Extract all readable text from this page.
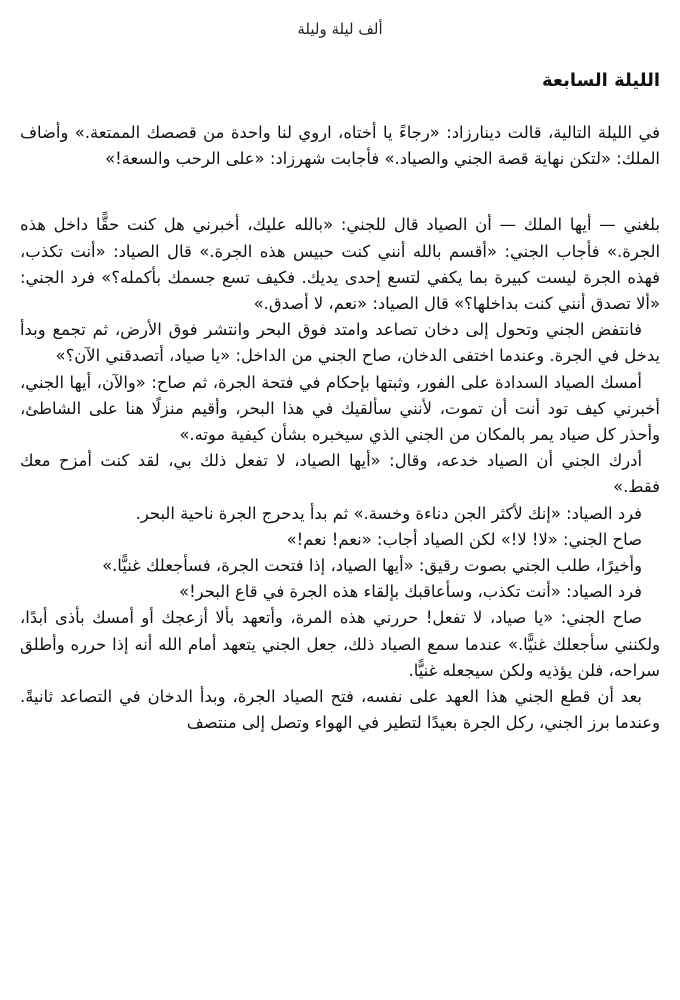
ألف ليلة وليلة
الليلة السابعة

في الليلة التالية، قالت دينارزاد: «رجاءً يا أختاه، اروي لنا واحدة من قصصك الممتعة.» وأضاف الملك: «لتكن نهاية قصة الجني والصياد.» فأجابت شهرزاد: «على الرحب والسعة!»

بلغني — أيها الملك — أن الصياد قال للجني: «بالله عليك، أخبرني هل كنت حقًّا داخل هذه الجرة.» فأجاب الجني: «أقسم بالله أنني كنت حبيس هذه الجرة.» قال الصياد: «أنت تكذب، فهذه الجرة ليست كبيرة بما يكفي لتسع إحدى يديك. فكيف تسع جسمك بأكمله؟» فرد الجني: «ألا تصدق أنني كنت بداخلها؟» قال الصياد: «نعم، لا أصدق.»

فانتفض الجني وتحول إلى دخان تصاعد وامتد فوق البحر وانتشر فوق الأرض، ثم تجمع وبدأ يدخل في الجرة. وعندما اختفى الدخان، صاح الجني من الداخل: «يا صياد، أتصدقني الآن؟»

أمسك الصياد السدادة على الفور، وثبتها بإحكام في فتحة الجرة، ثم صاح: «والآن، أيها الجني، أخبرني كيف تود أنت أن تموت، لأنني سألقيك في هذا البحر، وأقيم منزلًا هنا على الشاطئ، وأحذر كل صياد يمر بالمكان من الجني الذي سيخبره بشأن كيفية موته.»

أدرك الجني أن الصياد خدعه، وقال: «أيها الصياد، لا تفعل ذلك بي، لقد كنت أمزح معك فقط.»

فرد الصياد: «إنك لأكثر الجن دناءة وخسة.» ثم بدأ يدحرج الجرة ناحية البحر.

صاح الجني: «لا! لا!» لكن الصياد أجاب: «نعم! نعم!»

وأخيرًا، طلب الجني بصوت رقيق: «أيها الصياد، إذا فتحت الجرة، فسأجعلك غنيًّا.»

فرد الصياد: «أنت تكذب، وسأعاقبك بإلقاء هذه الجرة في قاع البحر!»

صاح الجني: «يا صياد، لا تفعل! حررني هذه المرة، وأتعهد بألا أزعجك أو أمسك بأذى أبدًا، ولكنني سأجعلك غنيًّا.» عندما سمع الصياد ذلك، جعل الجني يتعهد أمام الله أنه إذا حرره وأطلق سراحه، فلن يؤذيه ولكن سيجعله غنيًّا.

بعد أن قطع الجني هذا العهد على نفسه، فتح الصياد الجرة، وبدأ الدخان في التصاعد ثانيةً. وعندما برز الجني، ركل الجرة بعيدًا لتطير في الهواء وتصل إلى منتصف
